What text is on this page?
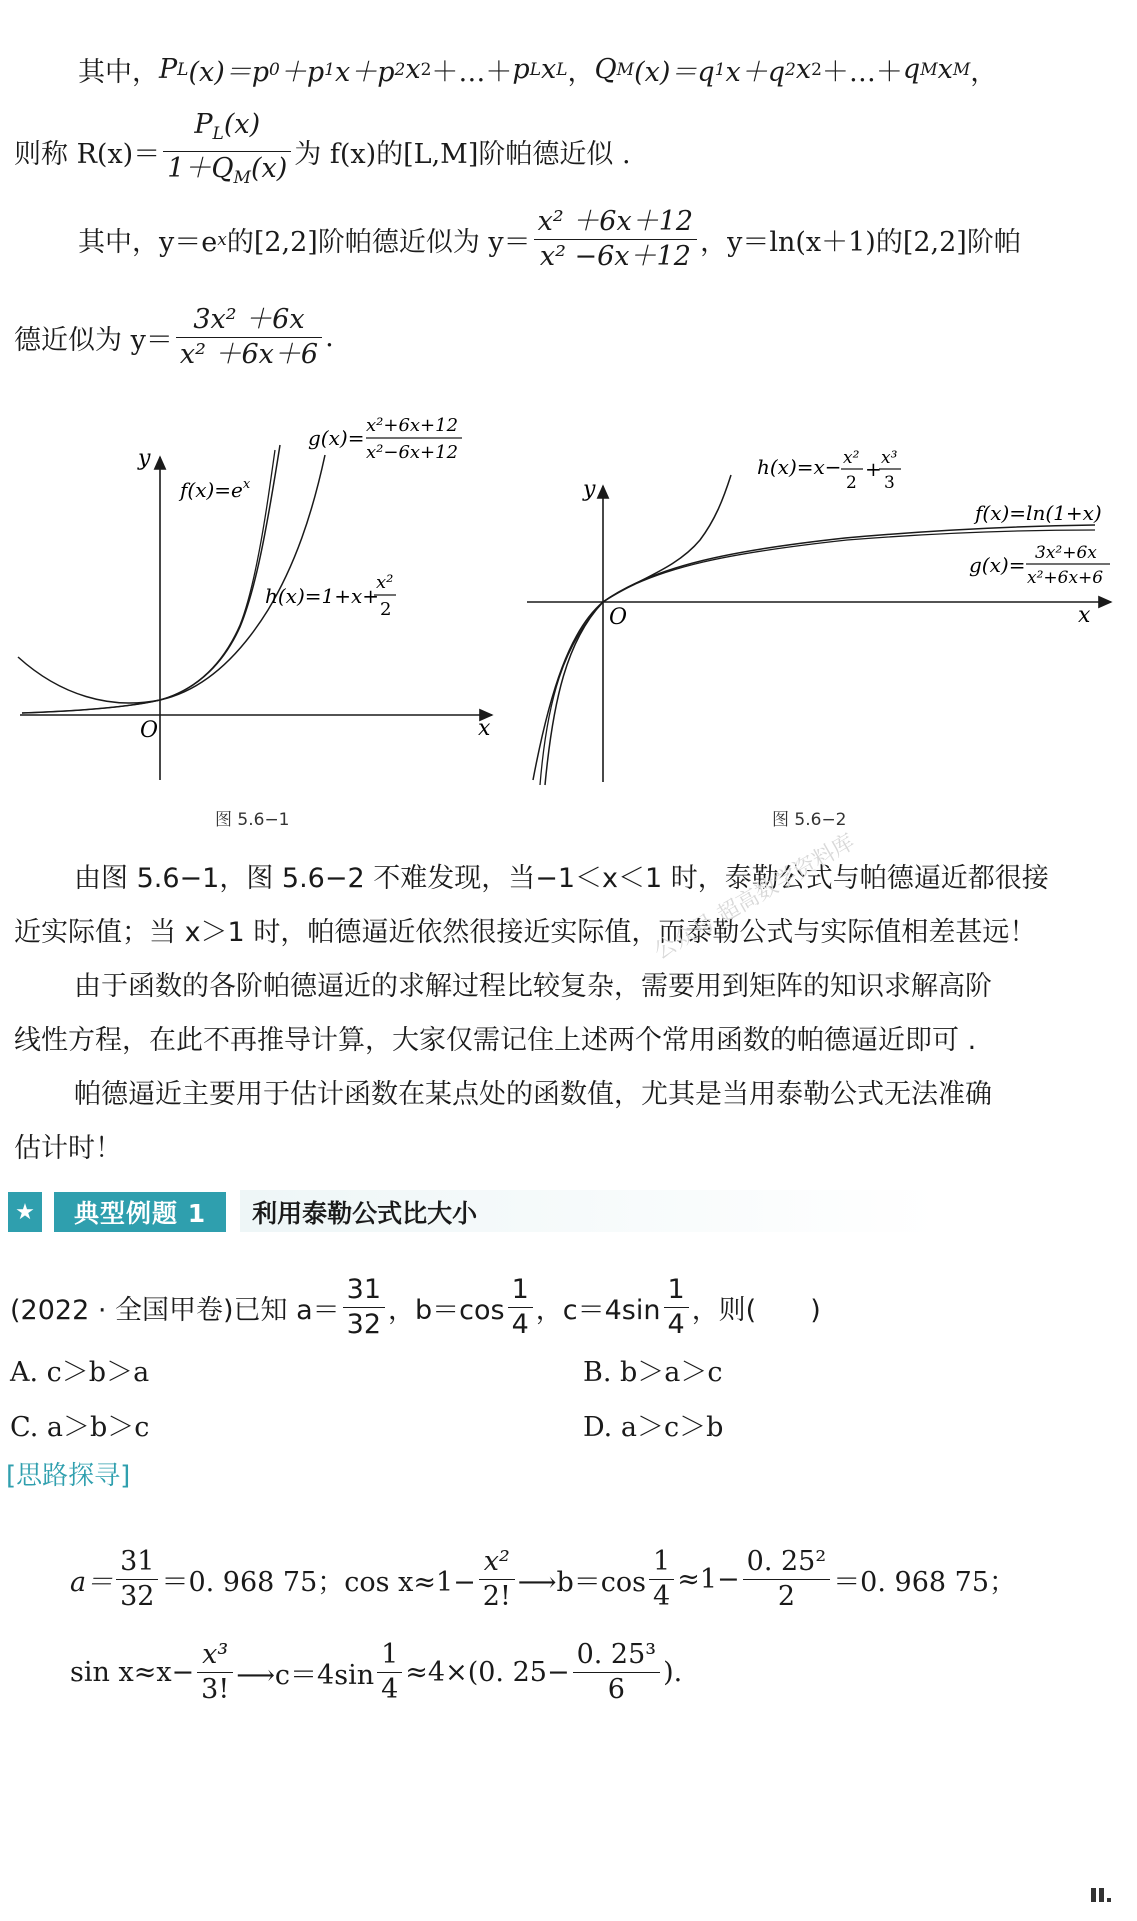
其中， P L (x)＝p 0 ＋p 1 x＋p 2 x 2 ＋…＋ p L x L ， Q M (x)＝q 1 x＋q 2 x 2 ＋…＋ q M x M ，
则称 $R(x)= \frac{P_L(x)}{1+Q_M(x)}$ 为 f(x)的[L,M]阶帕德近似 .
其中，y＝e x 的[2,2]阶帕德近似为 $y= \frac{\text{x² ＋6x＋12}}{\text{x² −6x＋12}}$ ，y＝ln(x＋1)的[2,2]阶帕
德近似为 $y= \frac{\text{3x² ＋6x}}{\text{x² ＋6x＋6}}$ .
y
x
O
$f(x)=e^x$
g(x)=
x²+6x+12
x²−6x+12
h(x)=1+x+
x²
2
图 5.6−1
y
x
O
h(x)=x− x²
2
+ x³
3
f(x)=ln(1+x)
g(x)= 3x²+6x
x²+6x+6
图 5.6−2
由图 5.6−1，图 5.6−2 不难发现，当−1＜x＜1 时，泰勒公式与帕德逼近都很接
近实际值；当 x＞1 时，帕德逼近依然很接近实际值，而泰勒公式与实际值相差甚远！
由于函数的各阶帕德逼近的求解过程比较复杂，需要用到矩阵的知识求解高阶
线性方程，在此不再推导计算，大家仅需记住上述两个常用函数的帕德逼近即可 .
帕德逼近主要用于估计函数在某点处的函数值，尤其是当用泰勒公式无法准确
估计时！
公众号 超高数学资料库
★	典型例题 1	利用泰勒公式比大小
(2022 · 全国甲卷)已知 $a= \frac{31}{32}$ ，$b=\cos \frac{1}{4}$ ，$c=4\sin \frac{1}{4}$ ，则(　　)
A. c＞b＞a	B. b＞a＞c
C. a＞b＞c	D. a＞c＞b
[思路探寻]
$a= \frac{31}{32} =0$. 968 75；$\cos x\approx 1- \frac{\text{x²}}{2!}$ ⟶b＝cos $\frac{1}{4} \approx 1- \frac{\text{0. 25²}}{2} =0$. 968 75；
$\sin x\approx x- \frac{\text{x³}}{3!}$ ⟶c＝4sin $\frac{1}{4} \approx 4\times(0$. $25- \frac{\text{0. 25³}}{6}$ ).
